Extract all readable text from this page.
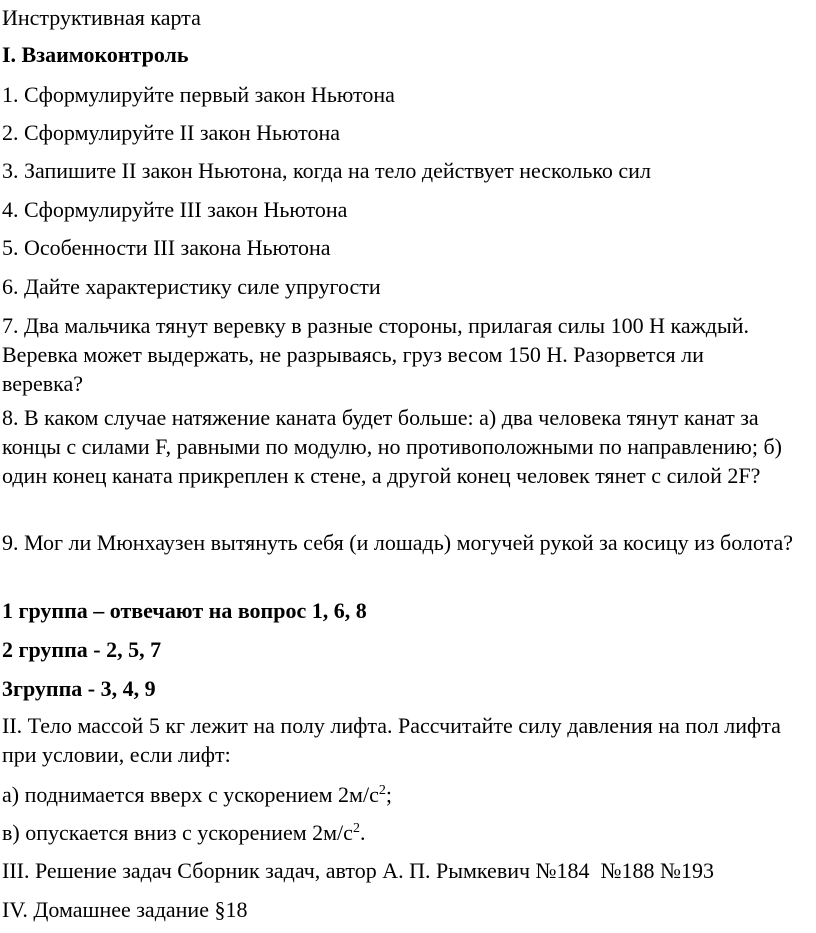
Инструктивная карта

I. Взаимоконтроль

1. Сформулируйте первый закон Ньютона

2. Сформулируйте II закон Ньютона

3. Запишите II закон Ньютона, когда на тело действует несколько сил

4. Сформулируйте III закон Ньютона

5. Особенности III закона Ньютона

6. Дайте характеристику силе упругости

7. Два мальчика тянут веревку в разные стороны, прилагая силы 100 Н каждый. Веревка может выдержать, не разрываясь, груз весом 150 Н. Разорвется ли веревка?

8. В каком случае натяжение каната будет больше: а) два человека тянут канат за концы с силами F, равными по модулю, но противоположными по направлению; б) один конец каната прикреплен к стене, а другой конец человек тянет с силой 2F?

9. Мог ли Мюнхаузен вытянуть себя (и лошадь) могучей рукой за косицу из болота?

1 группа – отвечают на вопрос 1, 6, 8

2 группа - 2, 5, 7

3группа - 3, 4, 9

II. Тело массой 5 кг лежит на полу лифта. Рассчитайте силу давления на пол лифта при условии, если лифт:

а) поднимается вверх с ускорением $2м/с^2$;

в) опускается вниз с ускорением $2м/с^2$.

III. Решение задач Сборник задач, автор А. П. Рымкевич №184  №188 №193

IV. Домашнее задание §18
